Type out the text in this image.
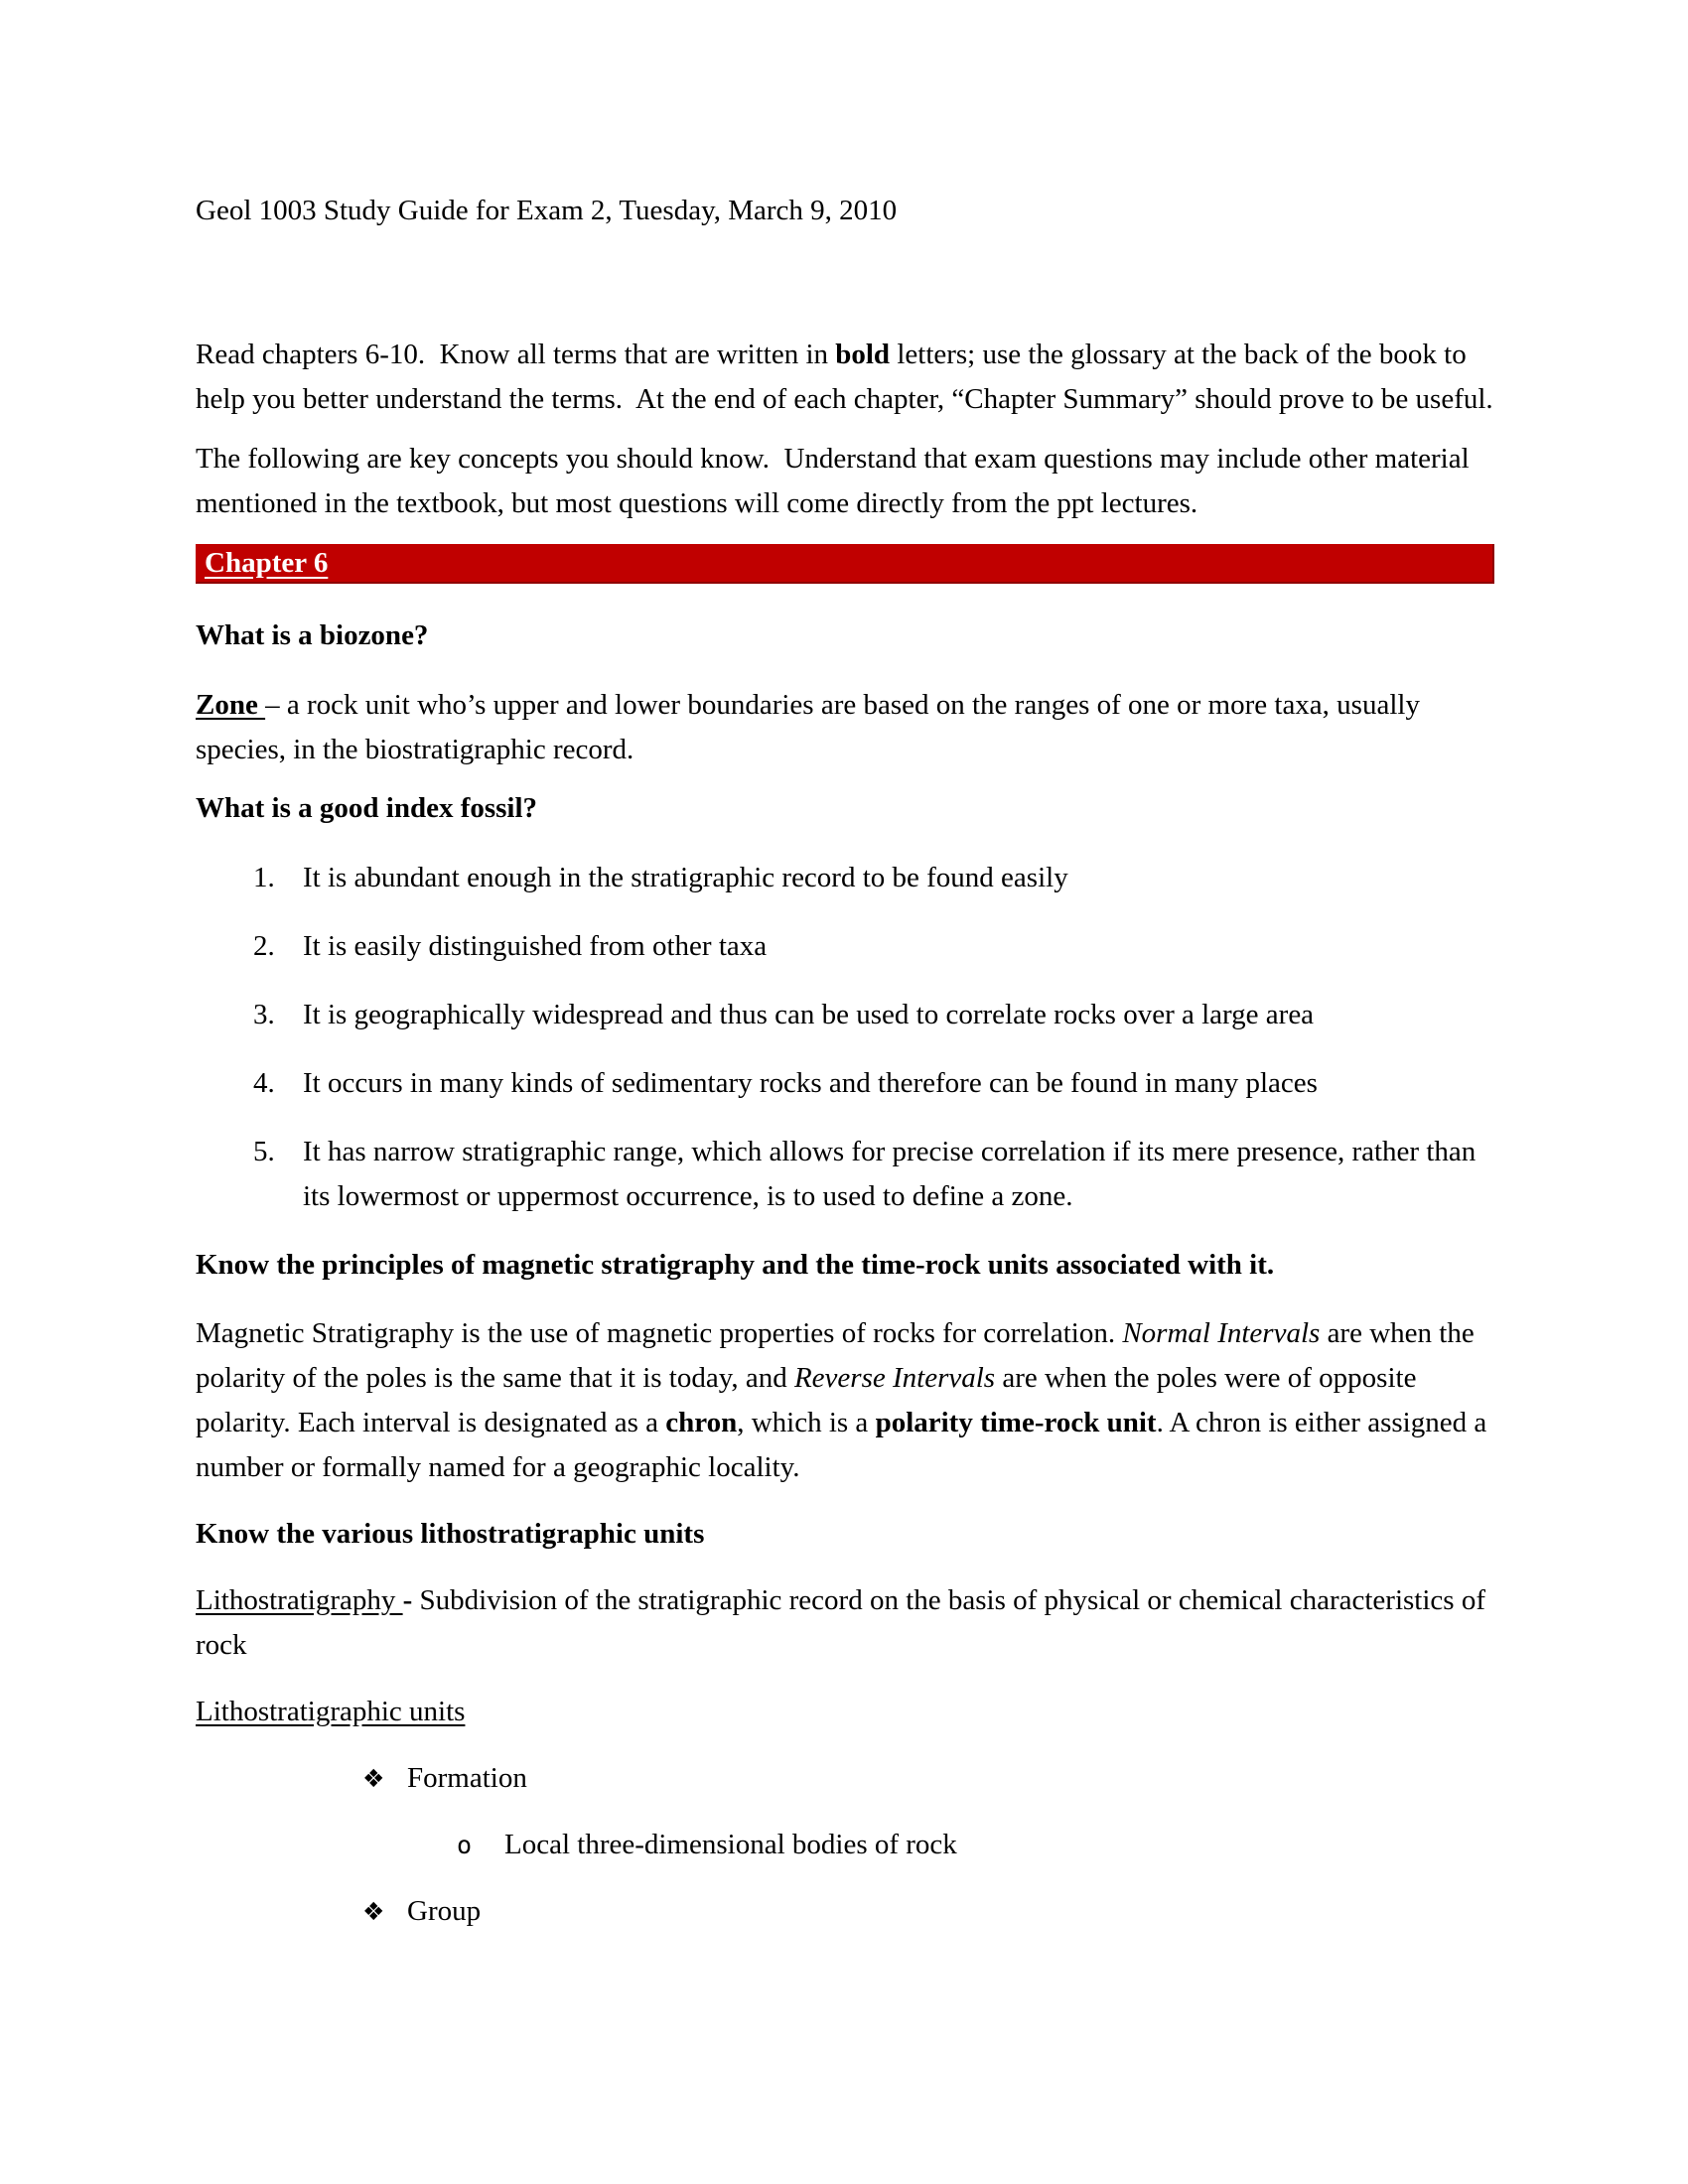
Geol 1003 Study Guide for Exam 2, Tuesday, March 9, 2010

Read chapters 6-10.  Know all terms that are written in bold letters; use the glossary at the back of the book to help you better understand the terms.  At the end of each chapter, “Chapter Summary” should prove to be useful.

The following are key concepts you should know.  Understand that exam questions may include other material mentioned in the textbook, but most questions will come directly from the ppt lectures.

Chapter 6

What is a biozone?

Zone – a rock unit who’s upper and lower boundaries are based on the ranges of one or more taxa, usually species, in the biostratigraphic record.

What is a good index fossil?

1. It is abundant enough in the stratigraphic record to be found easily
2. It is easily distinguished from other taxa
3. It is geographically widespread and thus can be used to correlate rocks over a large area
4. It occurs in many kinds of sedimentary rocks and therefore can be found in many places
5. It has narrow stratigraphic range, which allows for precise correlation if its mere presence, rather than its lowermost or uppermost occurrence, is to used to define a zone.

Know the principles of magnetic stratigraphy and the time-rock units associated with it.

Magnetic Stratigraphy is the use of magnetic properties of rocks for correlation. Normal Intervals are when the polarity of the poles is the same that it is today, and Reverse Intervals are when the poles were of opposite polarity. Each interval is designated as a chron, which is a polarity time-rock unit. A chron is either assigned a number or formally named for a geographic locality.

Know the various lithostratigraphic units

Lithostratigraphy - Subdivision of the stratigraphic record on the basis of physical or chemical characteristics of rock

Lithostratigraphic units

❖ Formation
o	Local three-dimensional bodies of rock
❖ Group
